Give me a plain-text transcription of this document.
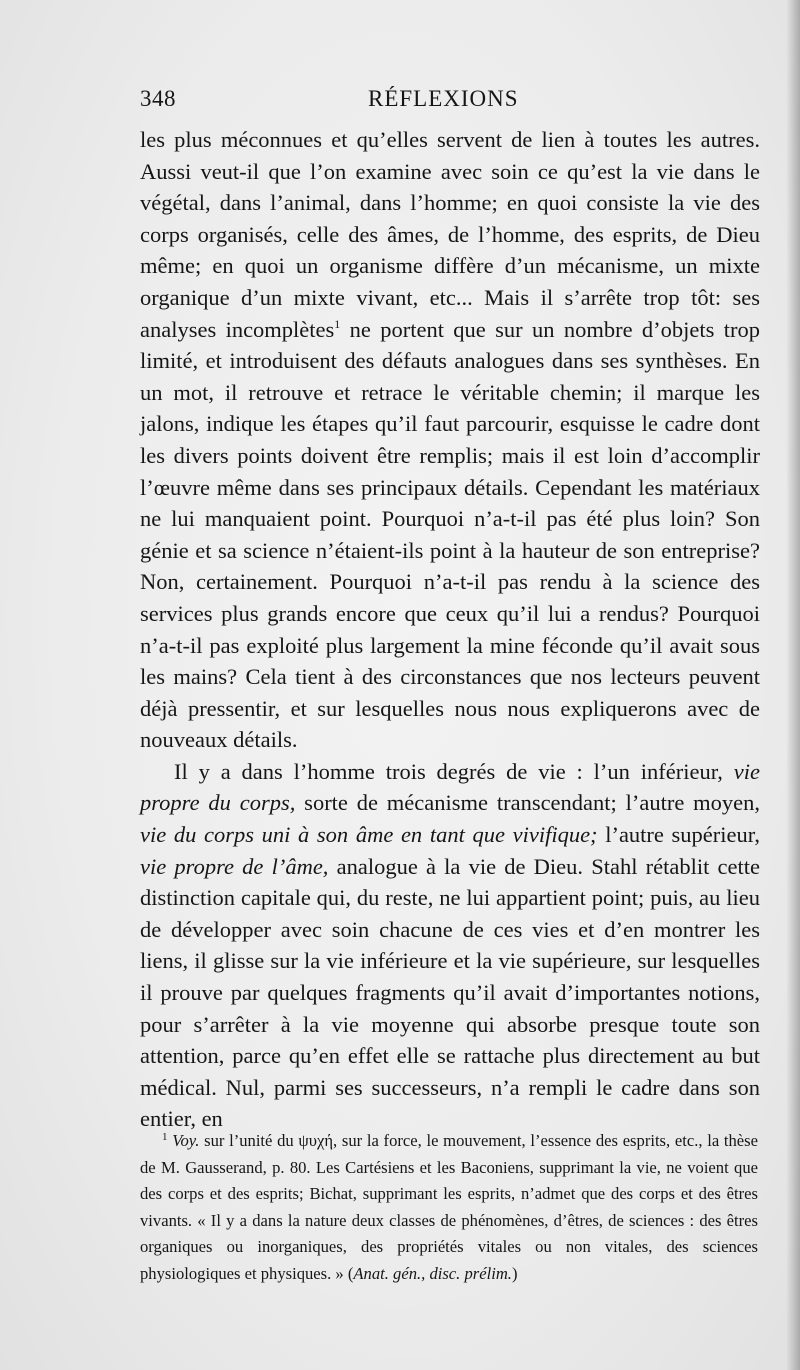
348	RÉFLEXIONS

les plus méconnues et qu’elles servent de lien à toutes les autres. Aussi veut-il que l’on examine avec soin ce qu’est la vie dans le végétal, dans l’animal, dans l’homme; en quoi consiste la vie des corps organisés, celle des âmes, de l’homme, des esprits, de Dieu même; en quoi un organisme diffère d’un mécanisme, un mixte organique d’un mixte vivant, etc... Mais il s’arrête trop tôt: ses analyses incomplètes$^1$ ne portent que sur un nombre d’objets trop limité, et introduisent des défauts analogues dans ses synthèses. En un mot, il retrouve et retrace le véritable chemin; il marque les jalons, indique les étapes qu’il faut parcourir, esquisse le cadre dont les divers points doivent être remplis; mais il est loin d’accomplir l’œuvre même dans ses principaux détails. Cependant les matériaux ne lui manquaient point. Pourquoi n’a-t-il pas été plus loin? Son génie et sa science n’étaient-ils point à la hauteur de son entreprise? Non, certainement. Pourquoi n’a-t-il pas rendu à la science des services plus grands encore que ceux qu’il lui a rendus? Pourquoi n’a-t-il pas exploité plus largement la mine féconde qu’il avait sous les mains? Cela tient à des circonstances que nos lecteurs peuvent déjà pressentir, et sur lesquelles nous nous expliquerons avec de nouveaux détails.

Il y a dans l’homme trois degrés de vie : l’un inférieur, vie propre du corps, sorte de mécanisme transcendant; l’autre moyen, vie du corps uni à son âme en tant que vivifique; l’autre supérieur, vie propre de l’âme, analogue à la vie de Dieu. Stahl rétablit cette distinction capitale qui, du reste, ne lui appartient point; puis, au lieu de développer avec soin chacune de ces vies et d’en montrer les liens, il glisse sur la vie inférieure et la vie supérieure, sur lesquelles il prouve par quelques fragments qu’il avait d’importantes notions, pour s’arrêter à la vie moyenne qui absorbe presque toute son attention, parce qu’en effet elle se rattache plus directement au but médical. Nul, parmi ses successeurs, n’a rempli le cadre dans son entier, en

$^1$ Voy. sur l’unité du ψυχή, sur la force, le mouvement, l’essence des esprits, etc., la thèse de M. Gausserand, p. 80. Les Cartésiens et les Baconiens, supprimant la vie, ne voient que des corps et des esprits; Bichat, supprimant les esprits, n’admet que des corps et des êtres vivants. « Il y a dans la nature deux classes de phénomènes, d’êtres, de sciences : des êtres organiques ou inorganiques, des propriétés vitales ou non vitales, des sciences physiologiques et physiques. » (Anat. gén., disc. prélim.)
